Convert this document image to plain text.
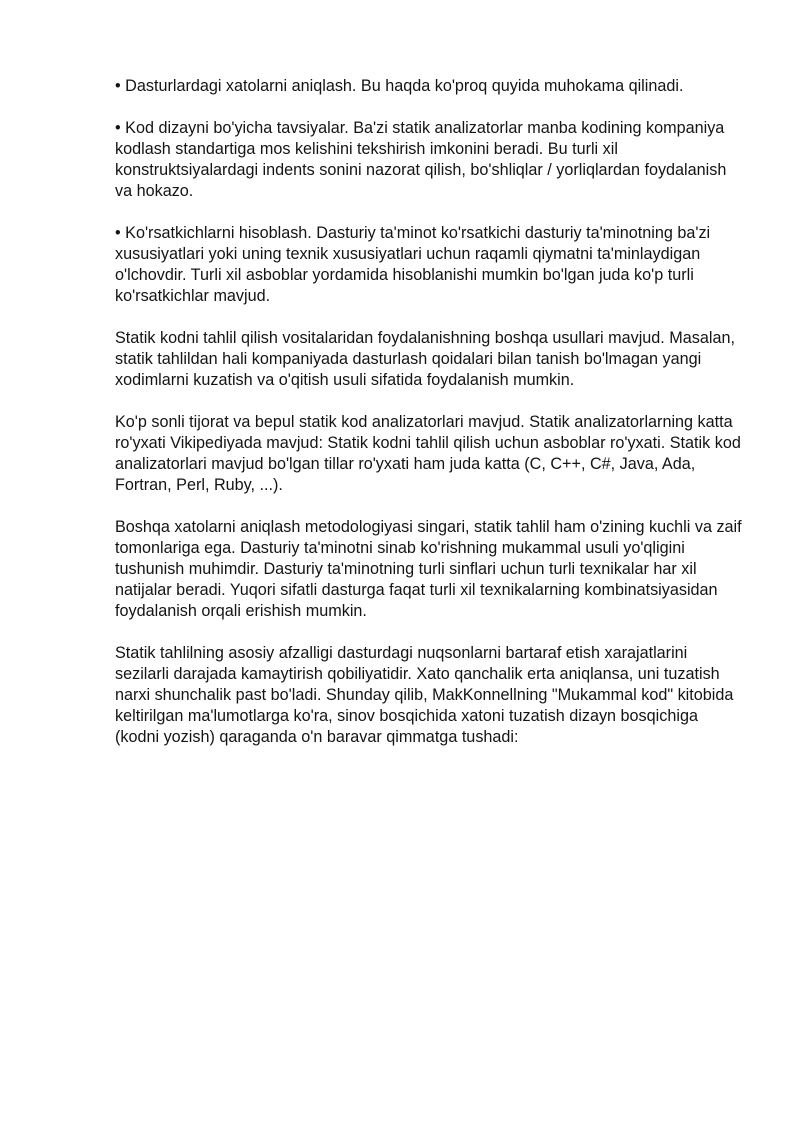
• Dasturlardagi xatolarni aniqlash. Bu haqda ko'proq quyida muhokama qilinadi.

• Kod dizayni bo'yicha tavsiyalar. Ba'zi statik analizatorlar manba kodining kompaniya kodlash standartiga mos kelishini tekshirish imkonini beradi. Bu turli xil konstruktsiyalardagi indents sonini nazorat qilish, bo'shliqlar / yorliqlardan foydalanish va hokazo.

• Ko'rsatkichlarni hisoblash. Dasturiy ta'minot ko'rsatkichi dasturiy ta'minotning ba'zi xususiyatlari yoki uning texnik xususiyatlari uchun raqamli qiymatni ta'minlaydigan o'lchovdir. Turli xil asboblar yordamida hisoblanishi mumkin bo'lgan juda ko'p turli ko'rsatkichlar mavjud.

Statik kodni tahlil qilish vositalaridan foydalanishning boshqa usullari mavjud. Masalan, statik tahlildan hali kompaniyada dasturlash qoidalari bilan tanish bo'lmagan yangi xodimlarni kuzatish va o'qitish usuli sifatida foydalanish mumkin.

Ko'p sonli tijorat va bepul statik kod analizatorlari mavjud. Statik analizatorlarning katta ro'yxati Vikipediyada mavjud: Statik kodni tahlil qilish uchun asboblar ro'yxati. Statik kod analizatorlari mavjud bo'lgan tillar ro'yxati ham juda katta (C, C++, C#, Java, Ada, Fortran, Perl, Ruby, ...).

Boshqa xatolarni aniqlash metodologiyasi singari, statik tahlil ham o'zining kuchli va zaif tomonlariga ega. Dasturiy ta'minotni sinab ko'rishning mukammal usuli yo'qligini tushunish muhimdir. Dasturiy ta'minotning turli sinflari uchun turli texnikalar har xil natijalar beradi. Yuqori sifatli dasturga faqat turli xil texnikalarning kombinatsiyasidan foydalanish orqali erishish mumkin.

Statik tahlilning asosiy afzalligi dasturdagi nuqsonlarni bartaraf etish xarajatlarini sezilarli darajada kamaytirish qobiliyatidir. Xato qanchalik erta aniqlansa, uni tuzatish narxi shunchalik past bo'ladi. Shunday qilib, MakKonnellning "Mukammal kod" kitobida keltirilgan ma'lumotlarga ko'ra, sinov bosqichida xatoni tuzatish dizayn bosqichiga (kodni yozish) qaraganda o'n baravar qimmatga tushadi:
